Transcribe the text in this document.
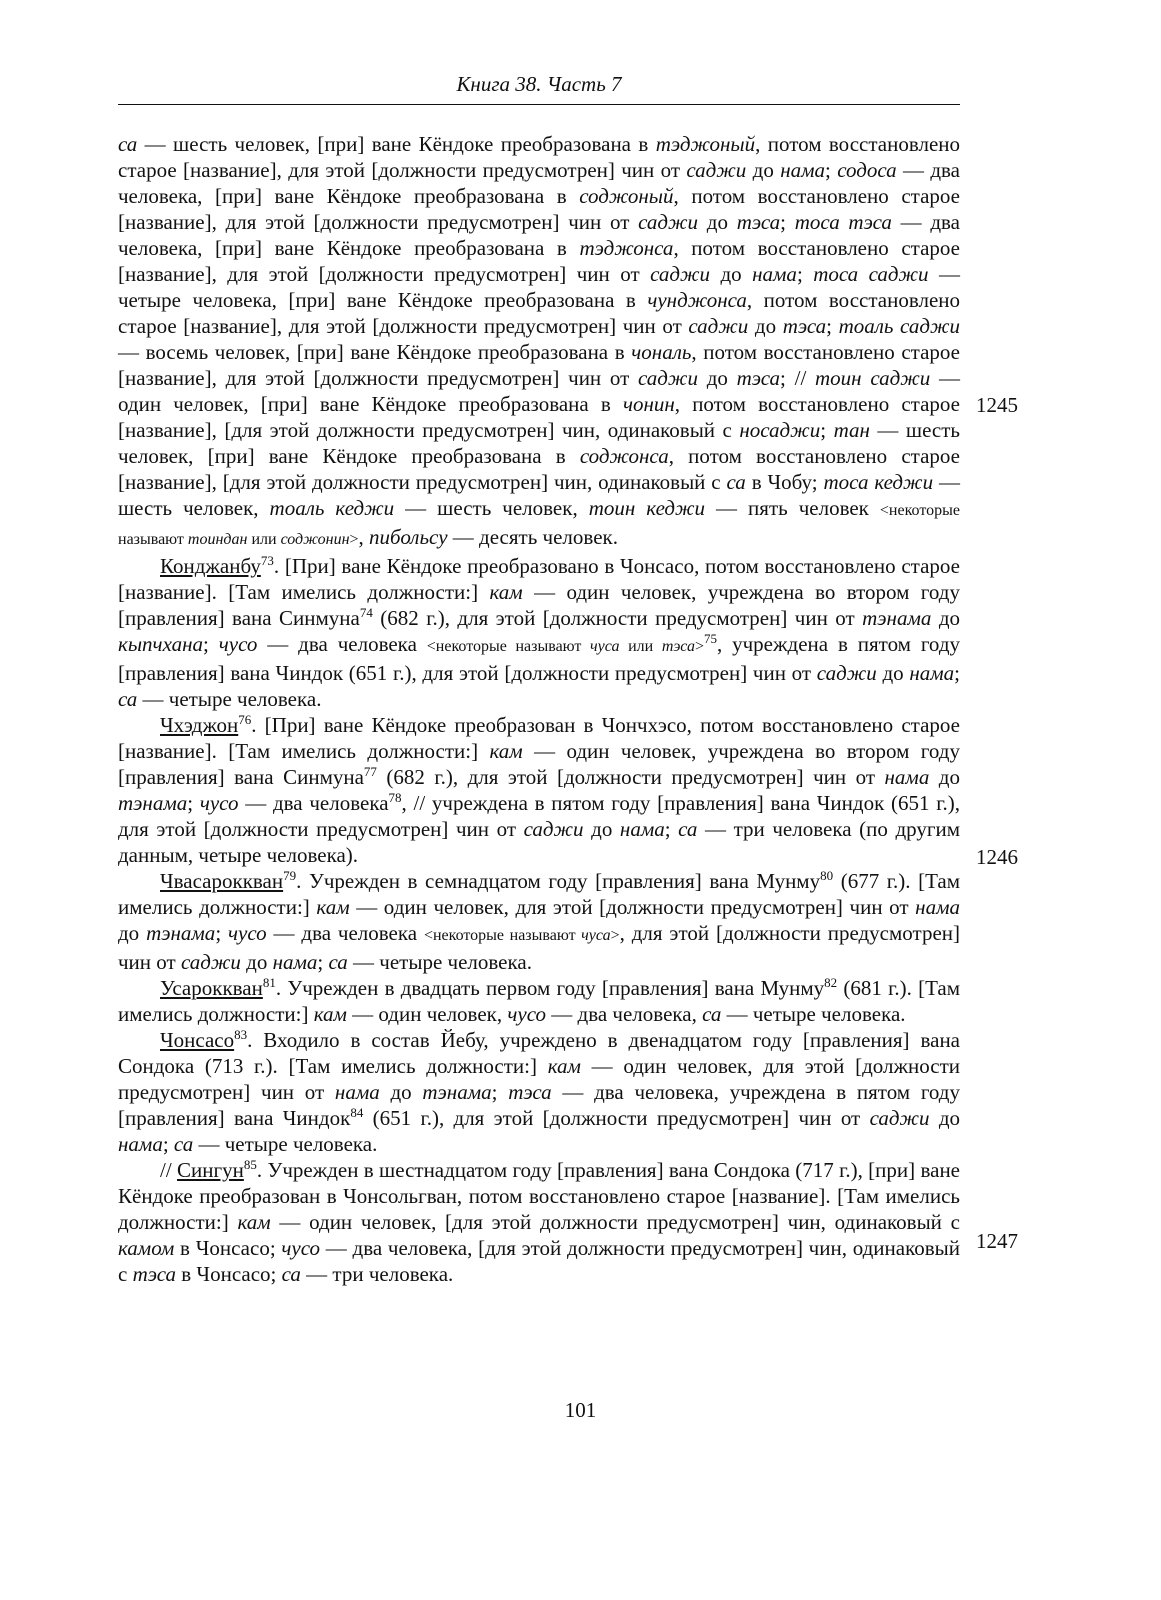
Книга 38. Часть 7

са — шесть человек, [при] ване Кёндоке преобразована в тэджоный, потом восстановлено старое [название], для этой [должности предусмотрен] чин от саджи до нама; содоса — два человека, [при] ване Кёндоке преобразована в соджоный, потом восстановлено старое [название], для этой [должности предусмотрен] чин от саджи до тэса; тоса тэса — два человека, [при] ване Кёндоке преобразована в тэджонса, потом восстановлено старое [название], для этой [должности предусмотрен] чин от саджи до нама; тоса саджи — четыре человека, [при] ване Кёндоке преобразована в чунджонса, потом восстановлено старое [название], для этой [должности предусмотрен] чин от саджи до тэса; тоаль саджи — восемь человек, [при] ване Кёндоке преобразована в чональ, потом восстановлено старое [название], для этой [должности предусмотрен] чин от саджи до тэса; // тоин саджи — один человек, [при] ване Кёндоке преобразована в чонин, потом восстановлено старое [название], [для этой должности предусмотрен] чин, одинаковый с носаджи; тан — шесть человек, [при] ване Кёндоке преобразована в соджонса, потом восстановлено старое [название], [для этой должности предусмотрен] чин, одинаковый с са в Чобу; тоса кеджи — шесть человек, тоаль кеджи — шесть человек, тоин кеджи — пять человек <некоторые называют тоиндан или соджонин>, пибольсу — десять человек.

Конджанбу$^{73}$. [При] ване Кёндоке преобразовано в Чонсасо, потом восстановлено старое [название]. [Там имелись должности:] кам — один человек, учреждена во втором году [правления] вана Синмуна$^{74}$ (682 г.), для этой [должности предусмотрен] чин от тэнама до кыпчхана; чусо — два человека <некоторые называют чуса или тэса>$^{75}$, учреждена в пятом году [правления] вана Чиндок (651 г.), для этой [должности предусмотрен] чин от саджи до нама; са — четыре человека.

Чхэджон$^{76}$. [При] ване Кёндоке преобразован в Чончхэсо, потом восстановлено старое [название]. [Там имелись должности:] кам — один человек, учреждена во втором году [правления] вана Синмуна$^{77}$ (682 г.), для этой [должности предусмотрен] чин от нама до тэнама; чусо — два человека$^{78}$, // учреждена в пятом году [правления] вана Чиндок (651 г.), для этой [должности предусмотрен] чин от саджи до нама; са — три человека (по другим данным, четыре человека).

Чвасароккван$^{79}$. Учрежден в семнадцатом году [правления] вана Мунму$^{80}$ (677 г.). [Там имелись должности:] кам — один человек, для этой [должности предусмотрен] чин от нама до тэнама; чусо — два человека <некоторые называют чуса>, для этой [должности предусмотрен] чин от саджи до нама; са — четыре человека.

Усароккван$^{81}$. Учрежден в двадцать первом году [правления] вана Мунму$^{82}$ (681 г.). [Там имелись должности:] кам — один человек, чусо — два человека, са — четыре человека.

Чонсасо$^{83}$. Входило в состав Йебу, учреждено в двенадцатом году [правления] вана Сондока (713 г.). [Там имелись должности:] кам — один человек, для этой [должности предусмотрен] чин от нама до тэнама; тэса — два человека, учреждена в пятом году [правления] вана Чиндок$^{84}$ (651 г.), для этой [должности предусмотрен] чин от саджи до нама; са — четыре человека.

// Сингун$^{85}$. Учрежден в шестнадцатом году [правления] вана Сондока (717 г.), [при] ване Кёндоке преобразован в Чонсольгван, потом восстановлено старое [название]. [Там имелись должности:] кам — один человек, [для этой должности предусмотрен] чин, одинаковый с камом в Чонсасо; чусо — два человека, [для этой должности предусмотрен] чин, одинаковый с тэса в Чонсасо; са — три человека.

1245
1246
1247
101
